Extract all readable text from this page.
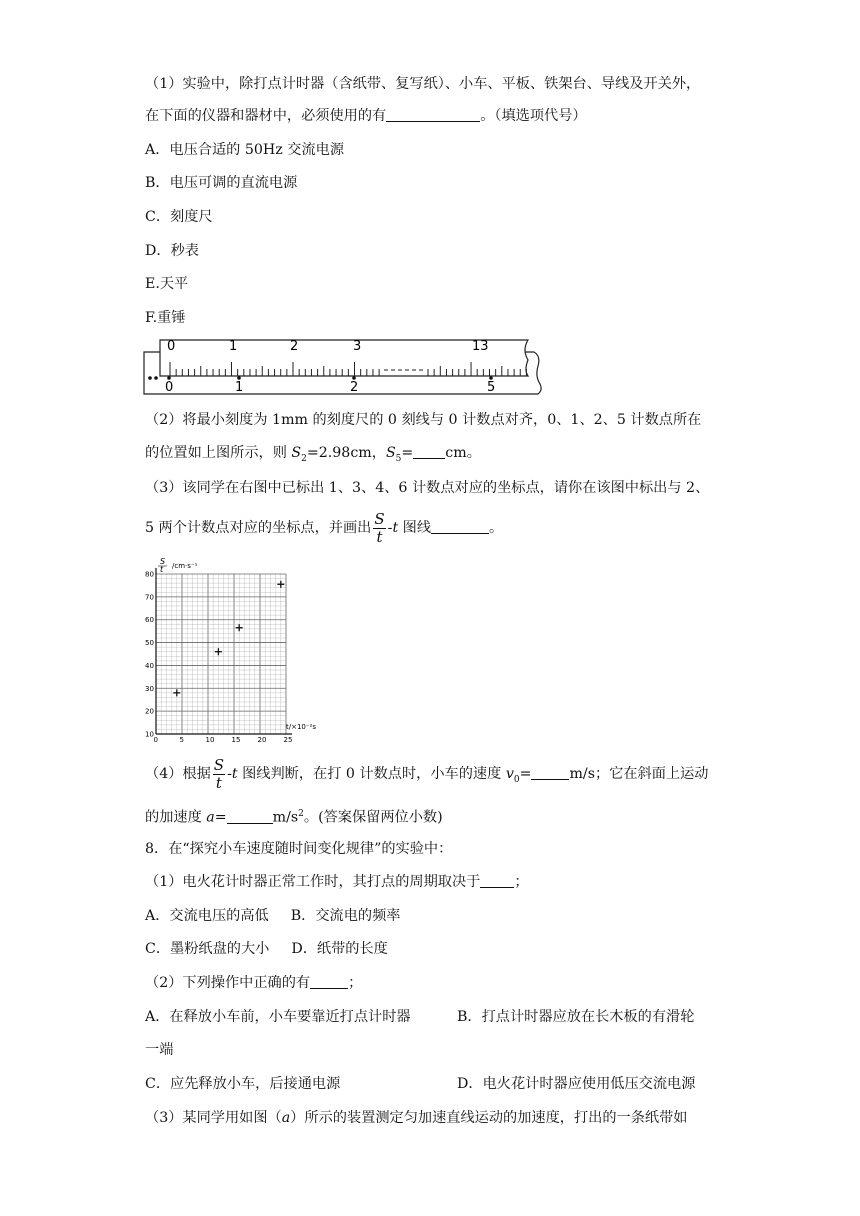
（1）实验中，除打点计时器（含纸带、复写纸）、小车、平板、铁架台、导线及开关外，
在下面的仪器和器材中，必须使用的有	。（填选项代号）
A．电压合适的 50Hz 交流电源
B．电压可调的直流电源
C．刻度尺
D．秒表
E.天平
F.重锤
0	1	2	3	13
0	1	2	5
（2）将最小刻度为 1mm 的刻度尺的 0 刻线与 0 计数点对齐，0、1、2、5 计数点所在
的位置如上图所示，则 $S_2=2.98cm$，$S_5=$ cm。
（3）该同学在右图中已标出 1、3、4、6 计数点对应的坐标点，请你在该图中标出与 2、
5 两个计数点对应的坐标点，并画出 $\frac{S}{t} -t$ 图线	。
0	5	10 15 20 25
10
20
30
40
50
60
70
80
S
t /cm·s⁻¹
t/×10⁻²s
（4）根据 $\frac{S}{t} -t$ 图线判断，在打 0 计数点时，小车的速度 $v_0=$	m/s；它在斜面上运动
的加速度 a=	$m/s^2$。(答案保留两位小数)
8．在“探究小车速度随时间变化规律”的实验中：
（1）电火花计时器正常工作时，其打点的周期取决于 ；
A．交流电压的高低 B．交流电的频率
C．墨粉纸盘的大小 D．纸带的长度
（2）下列操作中正确的有	；
A．在释放小车前，小车要靠近打点计时器	B．打点计时器应放在长木板的有滑轮
一端
C．应先释放小车，后接通电源	D．电火花计时器应使用低压交流电源
（3）某同学用如图（a）所示的装置测定匀加速直线运动的加速度，打出的一条纸带如
